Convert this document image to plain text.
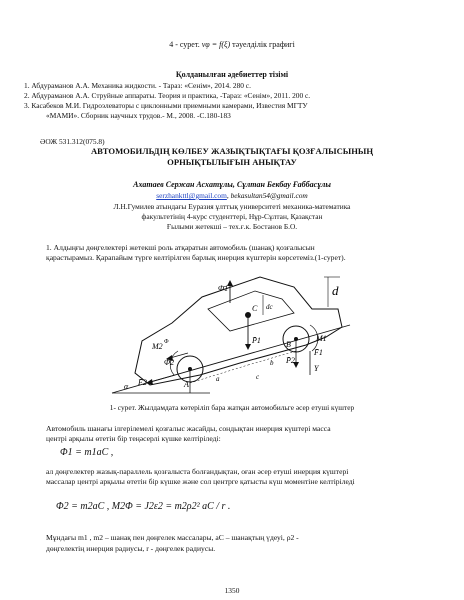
4 - сурет. vφ = f(ξ) тәуелділік графигі
Қолданылған әдебиеттер тізімі
1. Абдураманов А.А. Механика жидкости. - Тараз: «Сенім», 2014. 280 с.
2. Абдураманов А.А. Струйные аппараты. Теория и практика, -Тараз: «Сенім», 2011. 200 с.
3. Касабеков М.И. Гидроэлеваторы с циклонными приемными камерами, Известия МГТУ
«МАМИ». Сборник научных трудов.- М., 2008. -С.180-183
ӘОЖ 531.312(075.8)
АВТОМОБИЛЬДІҢ КӨЛБЕУ ЖАЗЫҚТЫҚТАҒЫ ҚОЗҒАЛЫСЫНЫҢ
ОРНЫҚТЫЛЫҒЫН АНЫҚТАУ
Ахатаев Сержан Асхатұлы, Сұлтан Бекбау Ғаббасұлы
serzhankttl@gmail.com, bekasultan54@gmail.com
Л.Н.Гумилев атындағы Еуразия ұлттық университеті механика-математика
факультетінің 4-курс студенттері, Нұр-Сұлтан, Қазақстан
Ғылыми жетекші – тех.ғ.к. Бостанов Б.О.
1. Алдыңғы дөңгелектері жетекші роль атқаратын автомобиль (шанақ) қозғалысын
қарастырамыз. Қарапайым түрге келтірілген барлық инерция күштерін көрсетеміз.(1-сурет).
d
Φ̄1
C dc
P̄1
M2 Φ
Φ̄2
F̄2	A
a
b
c
P̄2
B
M1
F̄1
Y
α
1- сурет. Жылдамдата көтеріліп бара жатқан автомобильге әсер етуші күштер
Автомобиль шанағы ілгерілемелі қозғалыс жасайды, сондықтан инерция күштері масса
центрі арқылы өтетін бір теңәсерлі күшке келтіріледі:
Φ1 = m1aC ,
ал дөңгелектер жазық-параллель қозғалыста болғандықтан, оған әсер етуші инерция күштері
массалар центрі арқылы өтетін бір күшке және сол центрге қатысты күш моментіне келтіріледі
Φ2 = m2aC , M2Φ = J2ε2 = m2ρ2² aC / r .
Мұндағы m1 , m2 – шанақ пен дөңгелек массалары, aC – шанақтың үдеуі, ρ2 -
дөңгелектің инерция радиусы, r - дөңгелек радиусы.
1350
